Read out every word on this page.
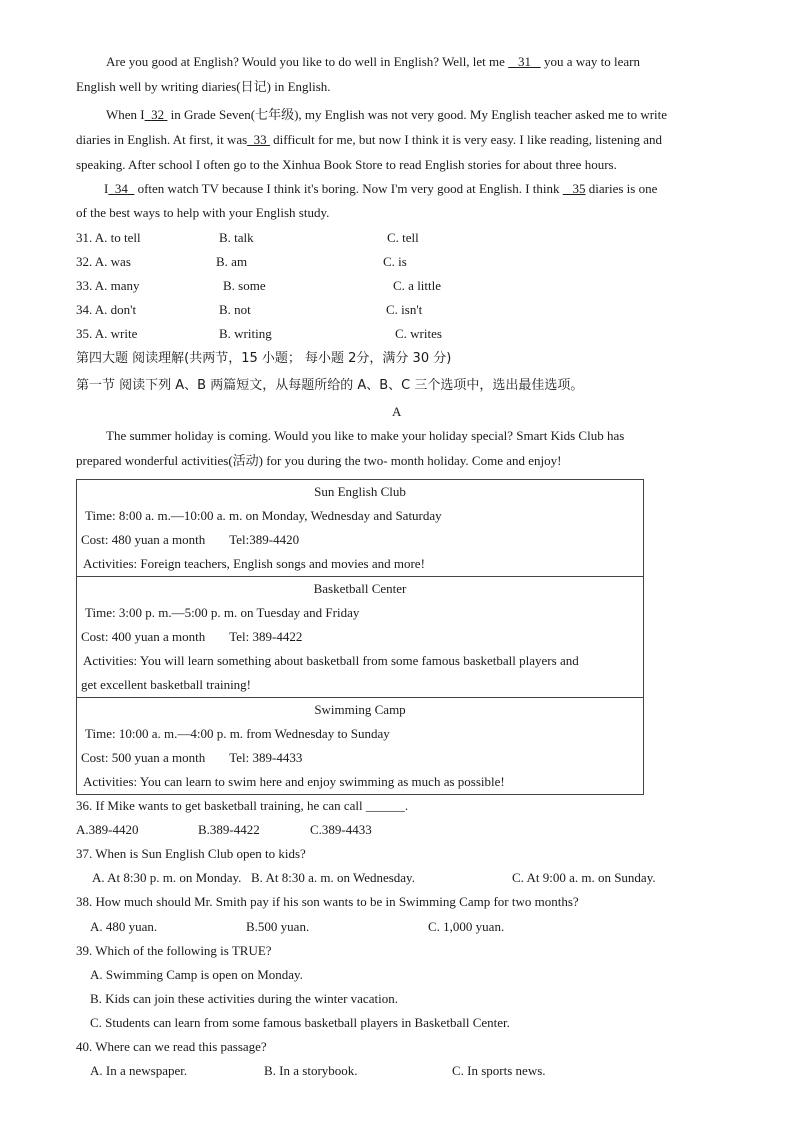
Are you good at English? Would you like to do well in English? Well, let me 31 you a way to learn
English well by writing diaries(日记) in English.
When I 32 in Grade Seven(七年级), my English was not very good. My English teacher asked me to write
diaries in English. At first, it was 33 difficult for me, but now I think it is very easy. I like reading, listening and
speaking. After school I often go to the Xinhua Book Store to read English stories for about three hours.
I 34 often watch TV because I think it's boring. Now I'm very good at English. I think 35 diaries is one
of the best ways to help with your English study.
31. A. to tell	B. talk	C. tell
32. A. was	B. am	C. is
33. A. many	B. some	C. a little
34. A. don't	B. not	C. isn't
35. A. write	B. writing	C. writes
第四大题 阅读理解(共两节，15 小题； 每小题 2分，满分 30 分)
第一节 阅读下列 A、B 两篇短文，从每题所给的 A、B、C 三个选项中，选出最佳选项。
A
The summer holiday is coming. Would you like to make your holiday special? Smart Kids Club has
prepared wonderful activities(活动) for you during the two- month holiday. Come and enjoy!
Sun English Club
Time: 8:00 a. m.—10:00 a. m. on Monday, Wednesday and Saturday
Cost: 480 yuan a month Tel:389-4420
Activities: Foreign teachers, English songs and movies and more!

Basketball Center
Time: 3:00 p. m.—5:00 p. m. on Tuesday and Friday
Cost: 400 yuan a month Tel: 389-4422
Activities: You will learn something about basketball from some famous basketball players and
get excellent basketball training!

Swimming Camp
Time: 10:00 a. m.—4:00 p. m. from Wednesday to Sunday
Cost: 500 yuan a month Tel: 389-4433
Activities: You can learn to swim here and enjoy swimming as much as possible!
36. If Mike wants to get basketball training, he can call ______.
A.389-4420	B.389-4422	C.389-4433
37. When is Sun English Club open to kids?
A. At 8:30 p. m. on Monday. B. At 8:30 a. m. on Wednesday.	C. At 9:00 a. m. on Sunday.
38. How much should Mr. Smith pay if his son wants to be in Swimming Camp for two months?
A. 480 yuan.	B.500 yuan.	C. 1,000 yuan.
39. Which of the following is TRUE?
A. Swimming Camp is open on Monday.
B. Kids can join these activities during the winter vacation.
C. Students can learn from some famous basketball players in Basketball Center.
40. Where can we read this passage?
A. In a newspaper.	B. In a storybook.	C. In sports news.
